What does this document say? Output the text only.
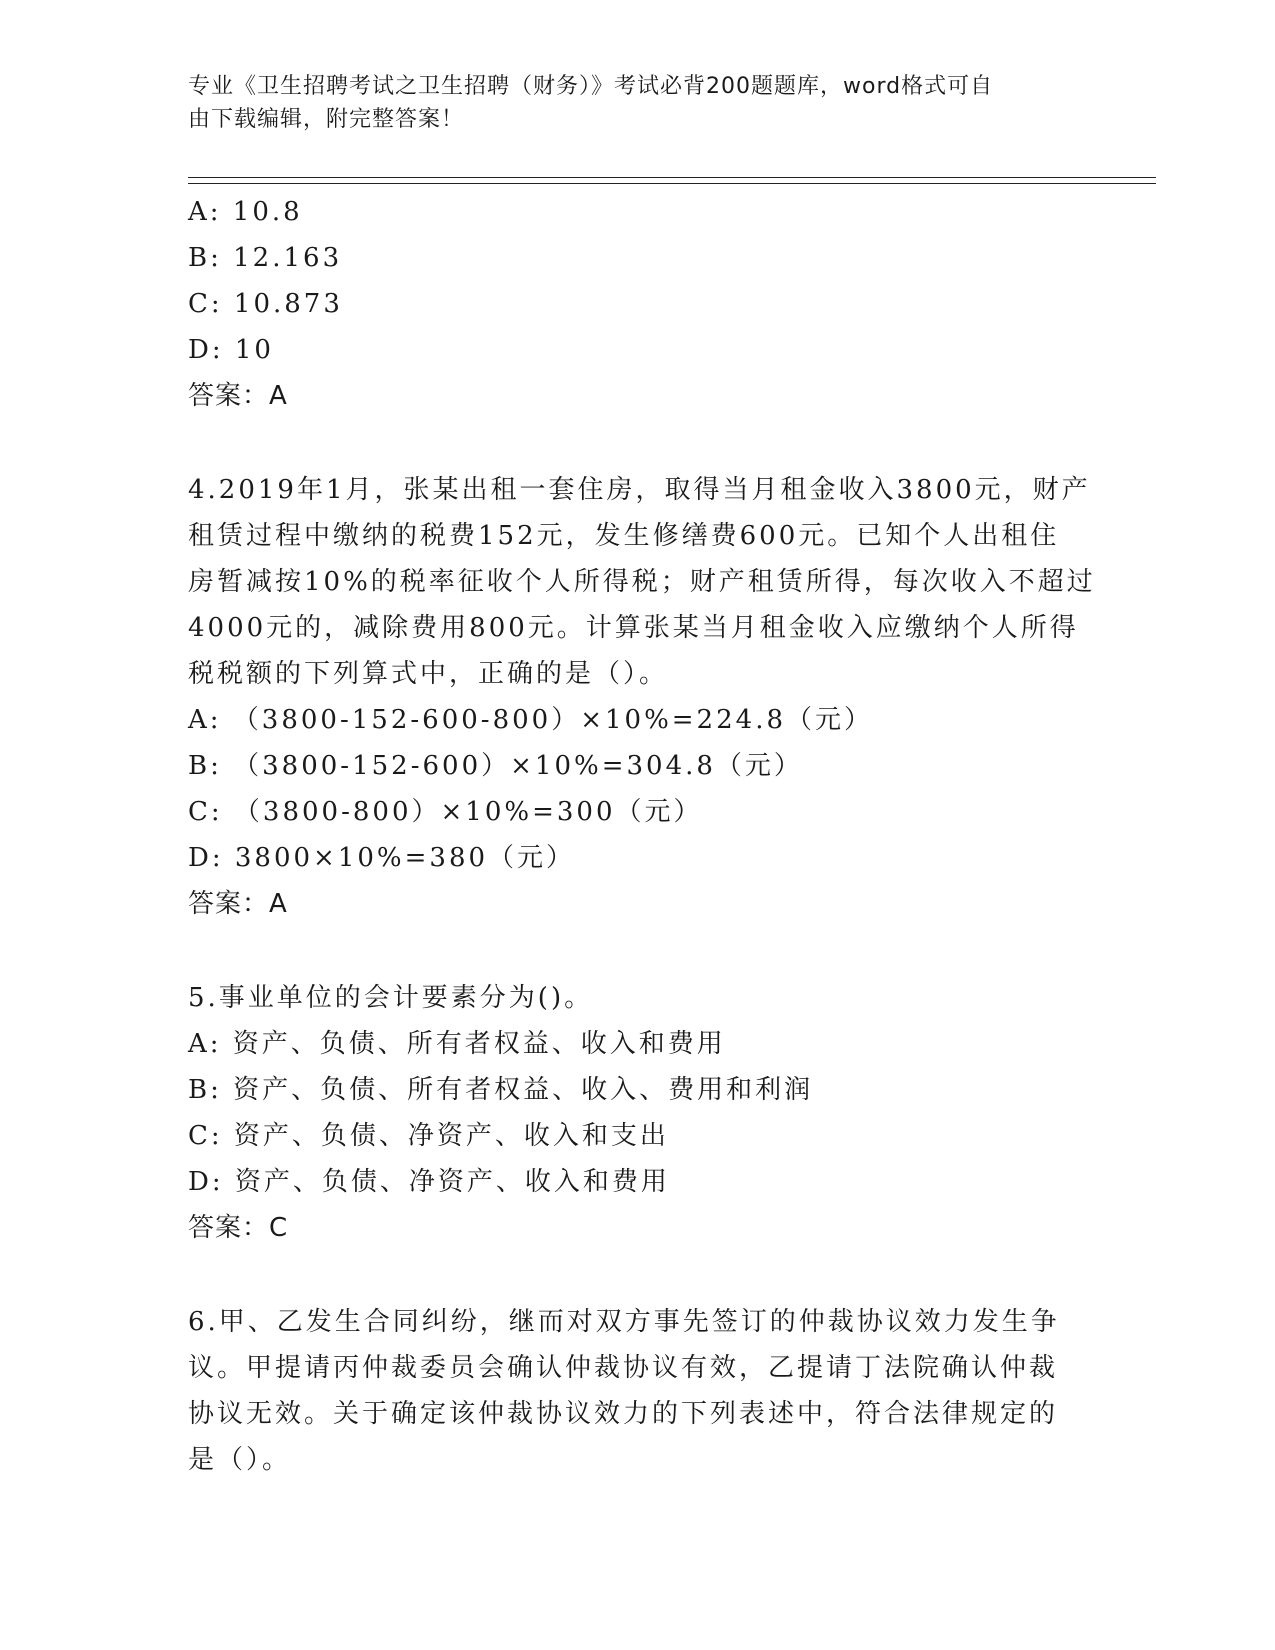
专业《卫生招聘考试之卫生招聘（财务）》考试必背200题题库，word格式可自
由下载编辑，附完整答案！
A: 10.8
B: 12.163
C: 10.873
D: 10
答案：A
4.2019年1月，张某出租一套住房，取得当月租金收入3800元，财产
租赁过程中缴纳的税费152元，发生修缮费600元。已知个人出租住
房暂减按10%的税率征收个人所得税；财产租赁所得，每次收入不超过
4000元的，减除费用800元。计算张某当月租金收入应缴纳个人所得
税税额的下列算式中，正确的是（）。
A: （3800-152-600-800）×10%=224.8（元）
B: （3800-152-600）×10%=304.8（元）
C: （3800-800）×10%=300（元）
D: 3800×10%=380（元）
答案：A
5.事业单位的会计要素分为()。
A: 资产、负债、所有者权益、收入和费用
B: 资产、负债、所有者权益、收入、费用和利润
C: 资产、负债、净资产、收入和支出
D: 资产、负债、净资产、收入和费用
答案：C
6.甲、乙发生合同纠纷，继而对双方事先签订的仲裁协议效力发生争
议。甲提请丙仲裁委员会确认仲裁协议有效，乙提请丁法院确认仲裁
协议无效。关于确定该仲裁协议效力的下列表述中，符合法律规定的
是（）。
